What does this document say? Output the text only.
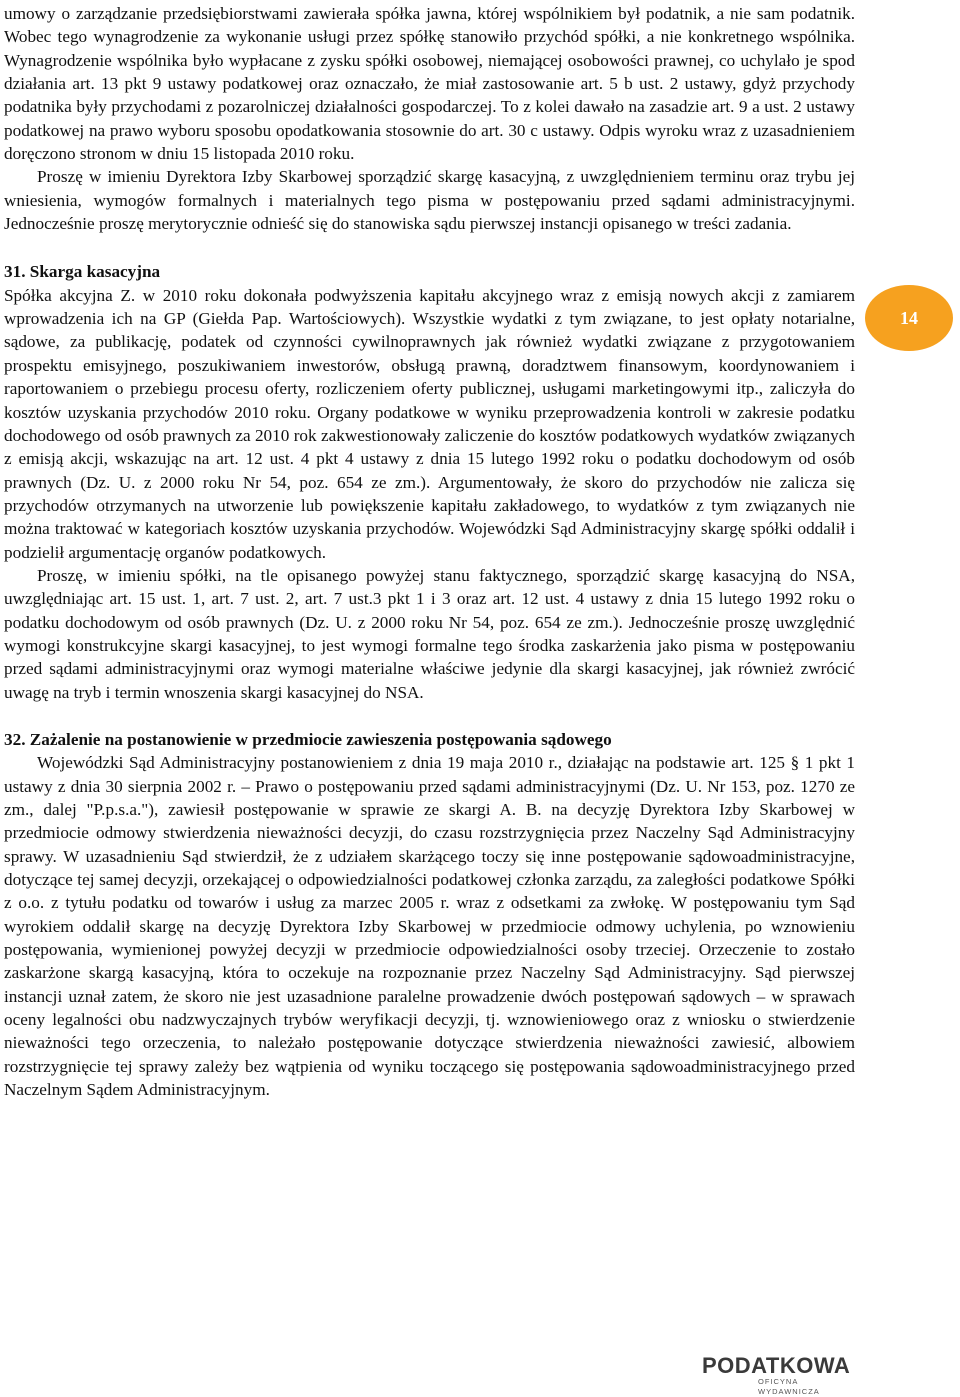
umowy o zarządzanie przedsiębiorstwami zawierała spółka jawna, której wspólnikiem był podatnik, a nie sam podatnik. Wobec tego wynagrodzenie za wykonanie usługi przez spółkę stanowiło przychód spółki, a nie konkretnego wspólnika. Wynagrodzenie wspólnika było wypłacane z zysku spółki osobowej, niemającej osobowości prawnej, co uchylało je spod działania art. 13 pkt 9 ustawy podatkowej oraz oznaczało, że miał zastosowanie art. 5 b ust. 2 ustawy, gdyż przychody podatnika były przychodami z pozarolniczej działalności gospodarczej. To z kolei dawało na zasadzie art. 9 a ust. 2 ustawy podatkowej na prawo wyboru sposobu opodatkowania stosownie do art. 30 c ustawy. Odpis wyroku wraz z uzasadnieniem doręczono stronom w dniu 15 listopada 2010 roku.

Proszę w imieniu Dyrektora Izby Skarbowej sporządzić skargę kasacyjną, z uwzględnieniem terminu oraz trybu jej wniesienia, wymogów formalnych i materialnych tego pisma w postępowaniu przed sądami administracyjnymi. Jednocześnie proszę merytorycznie odnieść się do stanowiska sądu pierwszej instancji opisanego w treści zadania.

31. Skarga kasacyjna

Spółka akcyjna Z. w 2010 roku dokonała podwyższenia kapitału akcyjnego wraz z emisją nowych akcji z zamiarem wprowadzenia ich na GP (Giełda Pap. Wartościowych). Wszystkie wydatki z tym związane, to jest opłaty notarialne, sądowe, za publikację, podatek od czynności cywilnoprawnych jak również wydatki związane z przygotowaniem prospektu emisyjnego, poszukiwaniem inwestorów, obsługą prawną, doradztwem finansowym, koordynowaniem i raportowaniem o przebiegu procesu oferty, rozliczeniem oferty publicznej, usługami marketingowymi itp., zaliczyła do kosztów uzyskania przychodów 2010 roku. Organy podatkowe w wyniku przeprowadzenia kontroli w zakresie podatku dochodowego od osób prawnych za 2010 rok zakwestionowały zaliczenie do kosztów podatkowych wydatków związanych z emisją akcji, wskazując na art. 12 ust. 4 pkt 4 ustawy z dnia 15 lutego 1992 roku o podatku dochodowym od osób prawnych (Dz. U. z 2000 roku Nr 54, poz. 654 ze zm.). Argumentowały, że skoro do przychodów nie zalicza się przychodów otrzymanych na utworzenie lub powiększenie kapitału zakładowego, to wydatków z tym związanych nie można traktować w kategoriach kosztów uzyskania przychodów. Wojewódzki Sąd Administracyjny skargę spółki oddalił i podzielił argumentację organów podatkowych.

Proszę, w imieniu spółki, na tle opisanego powyżej stanu faktycznego, sporządzić skargę kasacyjną do NSA, uwzględniając art. 15 ust. 1, art. 7 ust. 2, art. 7 ust.3 pkt 1 i 3 oraz art. 12 ust. 4 ustawy z dnia 15 lutego 1992 roku o podatku dochodowym od osób prawnych (Dz. U. z 2000 roku Nr 54, poz. 654 ze zm.). Jednocześnie proszę uwzględnić wymogi konstrukcyjne skargi kasacyjnej, to jest wymogi formalne tego środka zaskarżenia jako pisma w postępowaniu przed sądami administracyjnymi oraz wymogi materialne właściwe jedynie dla skargi kasacyjnej, jak również zwrócić uwagę na tryb i termin wnoszenia skargi kasacyjnej do NSA.

32. Zażalenie na postanowienie w przedmiocie zawieszenia postępowania sądowego

Wojewódzki Sąd Administracyjny postanowieniem z dnia 19 maja 2010 r., działając na podstawie art. 125 § 1 pkt 1 ustawy z dnia 30 sierpnia 2002 r. – Prawo o postępowaniu przed sądami administracyjnymi (Dz. U. Nr 153, poz. 1270 ze zm., dalej "P.p.s.a."), zawiesił postępowanie w sprawie ze skargi A. B. na decyzję Dyrektora Izby Skarbowej w przedmiocie odmowy stwierdzenia nieważności decyzji, do czasu rozstrzygnięcia przez Naczelny Sąd Administracyjny sprawy. W uzasadnieniu Sąd stwierdził, że z udziałem skarżącego toczy się inne postępowanie sądowoadministracyjne, dotyczące tej samej decyzji, orzekającej o odpowiedzialności podatkowej członka zarządu, za zaległości podatkowe Spółki z o.o. z tytułu podatku od towarów i usług za marzec 2005 r. wraz z odsetkami za zwłokę. W postępowaniu tym Sąd wyrokiem oddalił skargę na decyzję Dyrektora Izby Skarbowej w przedmiocie odmowy uchylenia, po wznowieniu postępowania, wymienionej powyżej decyzji w przedmiocie odpowiedzialności osoby trzeciej. Orzeczenie to zostało zaskarżone skargą kasacyjną, która to oczekuje na rozpoznanie przez Naczelny Sąd Administracyjny. Sąd pierwszej instancji uznał zatem, że skoro nie jest uzasadnione paralelne prowadzenie dwóch postępowań sądowych – w sprawach oceny legalności obu nadzwyczajnych trybów weryfikacji decyzji, tj. wznowieniowego oraz z wniosku o stwierdzenie nieważności tego orzeczenia, to należało postępowanie dotyczące stwierdzenia nieważności zawiesić, albowiem rozstrzygnięcie tej sprawy zależy bez wątpienia od wyniku toczącego się postępowania sądowoadministracyjnego przed Naczelnym Sądem Administracyjnym.

14
PODATKOWA
OFICYNA WYDAWNICZA
